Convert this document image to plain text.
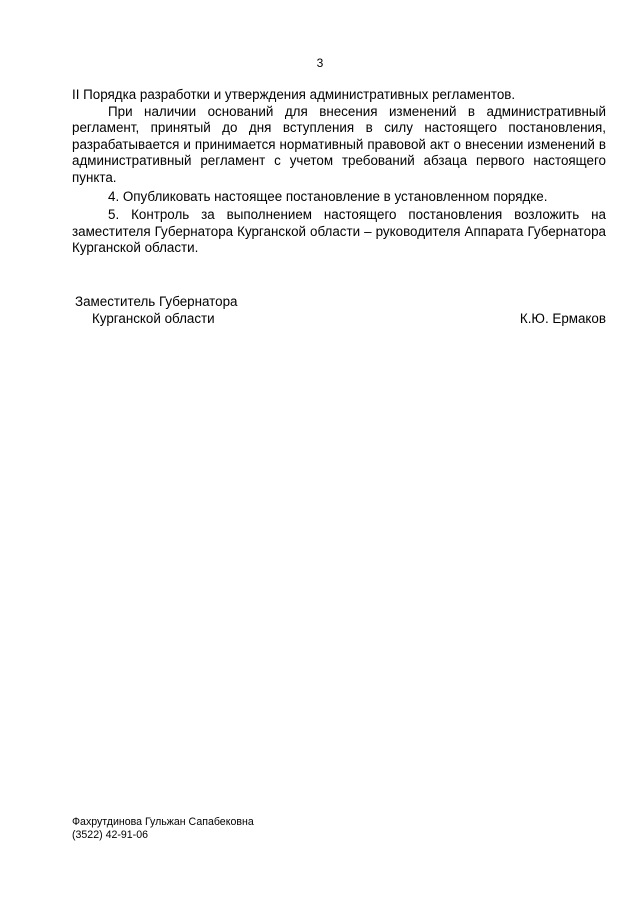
3

II Порядка разработки и утверждения административных регламентов.

При наличии оснований для внесения изменений в административный регламент, принятый до дня вступления в силу настоящего постановления, разрабатывается и принимается нормативный правовой акт о внесении изменений в административный регламент с учетом требований абзаца первого настоящего пункта.

4. Опубликовать настоящее постановление в установленном порядке.

5. Контроль за выполнением настоящего постановления возложить на заместителя Губернатора Курганской области – руководителя Аппарата Губернатора Курганской области.

Заместитель Губернатора
Курганской области	К.Ю. Ермаков
Фахрутдинова Гульжан Сапабековна
(3522) 42-91-06
